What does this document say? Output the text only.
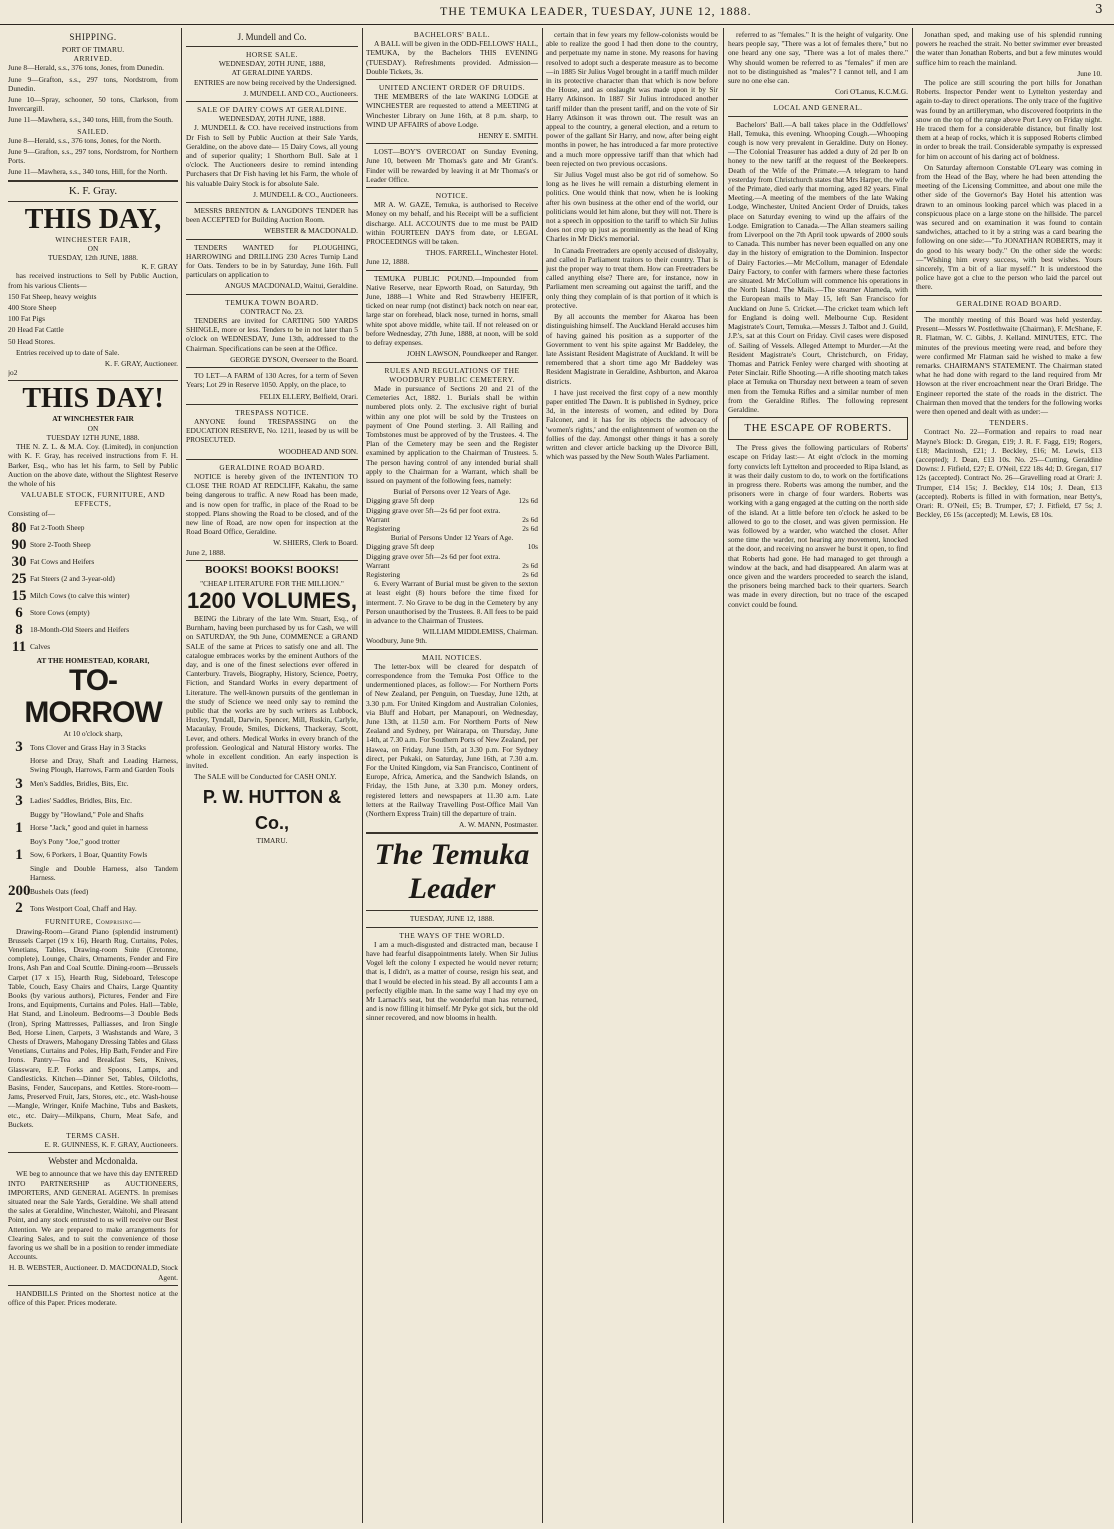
THE TEMUKA LEADER, TUESDAY, JUNE 12, 1888.	3
SHIPPING.
PORT OF TIMARU.
ARRIVED.
June 8—Herald, s.s., 376 tons, Jones, from Dunedin.
June 9—Grafton, s.s., 297 tons, Nordstrom, from Dunedin.
June 10—Spray, schooner, 50 tons, Clarkson, from Invercargill.
June 11—Mawhera, s.s., 340 tons, Hill, from the South.
SAILED.
June 8—Herald, s.s., 376 tons, Jones, for the North.
June 9—Grafton, s.s., 297 tons, Nordstrom, for Northern Ports.
June 11—Mawhera, s.s., 340 tons, Hill, for the North.
K. F. Gray.
THIS DAY,
WINCHESTER FAIR,
ON
TUESDAY, 12th JUNE, 1888.
K. F. GRAY
has received instructions to Sell by Public Auction, from his various Clients—
150 Fat Sheep, heavy weights
400 Store Sheep
100 Fat Pigs
20 Head Fat Cattle
50 Head Stores.
Entries received up to date of Sale.
K. F. GRAY, Auctioneer.
jo2
THIS DAY!
AT WINCHESTER FAIR
ON
TUESDAY 12TH JUNE, 1888.
THE N. Z. L. & M.A. Coy. (Limited), in conjunction with K. F. Gray, has received instructions from F. H. Barker, Esq., who has let his farm, to Sell by Public Auction on the above date, without the Slightest Reserve the whole of his
VALUABLE STOCK, FURNITURE, AND EFFECTS,
Consisting of—
80 Fat 2-Tooth Sheep
90 Store 2-Tooth Sheep
30 Fat Cows and Heifers
25 Fat Steers (2 and 3-year-old)
15 Milch Cows (to calve this winter)
6 Store Cows (empty)
8 18-Month-Old Steers and Heifers
11 Calves
AT THE HOMESTEAD, KORARI,
TO-MORROW
At 10 o'clock sharp,
3 Tons Clover and Grass Hay in 3 Stacks
Horse and Dray, Shaft and Leading Harness, Swing Plough, Harrows, Farm and Garden Tools
3 Men's Saddles, Bridles, Bits, Etc.
3 Ladies' Saddles, Bridles, Bits, Etc.
Buggy by "Howland," Pole and Shafts
1 Horse "Jack," good and quiet in harness
Boy's Pony "Joe," good trotter
1 Sow, 6 Porkers, 1 Boar, Quantity Fowls
Single and Double Harness, also Tandem Harness.
200 Bushels Oats (feed)
2 Tons Westport Coal, Chaff and Hay.
FURNITURE, Comprising—
Drawing-Room—Grand Piano (splendid instrument) Brussels Carpet (19 x 16), Hearth Rug, Curtains, Poles, Venetians, Tables, Drawing-room Suite (Cretonne, complete), Lounge, Chairs, Ornaments, Fender and Fire Irons, Ash Pan and Coal Scuttle. Dining-room—Brussels Carpet (17 x 15), Hearth Rug, Sideboard, Telescope Table, Couch, Easy Chairs and Chairs, Large Quantity Books (by various authors), Pictures, Fender and Fire Irons, and Equipments, Curtains and Poles. Hall—Table, Hat Stand, and Linoleum. Bedrooms—3 Double Beds (Iron), Spring Mattresses, Palliasses, and Iron Single Bed, Horse Linen, Carpets, 3 Washstands and Ware, 3 Chests of Drawers, Mahogany Dressing Tables and Glass Venetians, Curtains and Poles, Hip Bath, Fender and Fire Irons. Pantry—Tea and Breakfast Sets, Knives, Glassware, E.P. Forks and Spoons, Lamps, and Candlesticks. Kitchen—Dinner Set, Tables, Oilcloths, Basins, Fender, Saucepans, and Kettles. Store-room—Jams, Preserved Fruit, Jars, Stores, etc., etc. Wash-house—Mangle, Wringer, Knife Machine, Tubs and Baskets, etc., etc. Dairy—Milkpans, Churn, Meat Safe, and Buckets.
TERMS CASH.
E. R. GUINNESS, K. F. GRAY, Auctioneers.
Webster and Mcdonalda.
WE beg to announce that we have this day ENTERED INTO PARTNERSHIP as AUCTIONEERS, IMPORTERS, AND GENERAL AGENTS. In premises situated near the Sale Yards, Geraldine. We shall attend the sales at Geraldine, Winchester, Waitohi, and Pleasant Point, and any stock entrusted to us will receive our Best Attention. We are prepared to make arrangements for Clearing Sales, and to suit the convenience of those favoring us we shall be in a position to render immediate Accounts.
H. B. WEBSTER, Auctioneer. D. MACDONALD, Stock Agent.
HANDBILLS Printed on the Shortest notice at the office of this Paper. Prices moderate.
J. Mundell and Co.
HORSE SALE.
WEDNESDAY, 20TH JUNE, 1888,
AT GERALDINE YARDS.
ENTRIES are now being received by the Undersigned.
J. MUNDELL AND CO., Auctioneers.
SALE OF DAIRY COWS AT GERALDINE.
WEDNESDAY, 20TH JUNE, 1888.
J. MUNDELL & CO. have received instructions from Dr Fish to Sell by Public Auction at their Sale Yards, Geraldine, on the above date— 15 Dairy Cows, all young and of superior quality; 1 Shorthorn Bull. Sale at 1 o'clock. The Auctioneers desire to remind intending Purchasers that Dr Fish having let his Farm, the whole of his valuable Dairy Stock is for absolute Sale.
J. MUNDELL & CO., Auctioneers.
MESSRS BRENTON & LANGDON'S TENDER has been ACCEPTED for Building Auction Room.
WEBSTER & MACDONALD.
TENDERS WANTED for PLOUGHING, HARROWING and DRILLING 230 Acres Turnip Land for Oats. Tenders to be in by Saturday, June 16th. Full particulars on application to
ANGUS MACDONALD, Waitui, Geraldine.
TEMUKA TOWN BOARD.
CONTRACT No. 23.
TENDERS are invited for CARTING 500 YARDS SHINGLE, more or less. Tenders to be in not later than 5 o'clock on WEDNESDAY, June 13th, addressed to the Chairman. Specifications can be seen at the Office.
GEORGE DYSON, Overseer to the Board.
TO LET—A FARM of 130 Acres, for a term of Seven Years; Lot 29 in Reserve 1050. Apply, on the place, to
FELIX ELLERY, Belfield, Orari.
TRESPASS NOTICE.
ANYONE found TRESPASSING on the EDUCATION RESERVE, No. 1211, leased by us will be PROSECUTED.
WOODHEAD AND SON.
GERALDINE ROAD BOARD.
NOTICE is hereby given of the INTENTION TO CLOSE THE ROAD AT REDCLIFF, Kakahu, the same being dangerous to traffic. A new Road has been made, and is now open for traffic, in place of the Road to be stopped. Plans showing the Road to be closed, and of the new line of Road, are now open for inspection at the Road Board Office, Geraldine.
W. SHIERS, Clerk to Board.
June 2, 1888.
BOOKS! BOOKS! BOOKS!
"CHEAP LITERATURE FOR THE MILLION."
1200 VOLUMES,
BEING the Library of the late Wm. Stuart, Esq., of Burnham, having been purchased by us for Cash, we will on SATURDAY, the 9th June, COMMENCE a GRAND SALE of the same at Prices to satisfy one and all. The catalogue embraces works by the eminent Authors of the day, and is one of the finest selections ever offered in Canterbury. Travels, Biography, History, Science, Poetry, Fiction, and Standard Works in every department of Literature. The well-known pursuits of the gentleman in the study of Science we need only say to remind the public that the works are by such writers as Lubbock, Huxley, Tyndall, Darwin, Spencer, Mill, Ruskin, Carlyle, Macaulay, Froude, Smiles, Dickens, Thackeray, Scott, Lever, and others. Medical Works in every branch of the profession. Geological and Natural History works. The whole in excellent condition. An early inspection is invited.
The SALE will be Conducted for CASH ONLY.
P. W. HUTTON & Co.,
TIMARU.
BACHELORS' BALL.
A BALL will be given in the ODD-FELLOWS' HALL, TEMUKA, by the Bachelors THIS EVENING (TUESDAY). Refreshments provided. Admission—Double Tickets, 3s.
UNITED ANCIENT ORDER OF DRUIDS.
THE MEMBERS of the late WAKING LODGE at WINCHESTER are requested to attend a MEETING at Winchester Library on June 16th, at 8 p.m. sharp, to WIND UP AFFAIRS of above Lodge.
HENRY E. SMITH.
LOST—BOY'S OVERCOAT on Sunday Evening, June 10, between Mr Thomas's gate and Mr Grant's. Finder will be rewarded by leaving it at Mr Thomas's or Leader Office.
NOTICE.
MR A. W. GAZE, Temuka, is authorised to Receive Money on my behalf, and his Receipt will be a sufficient discharge. ALL ACCOUNTS due to me must be PAID within FOURTEEN DAYS from date, or LEGAL PROCEEDINGS will be taken.
THOS. FARRELL, Winchester Hotel.
June 12, 1888.
TEMUKA PUBLIC POUND.—Impounded from Native Reserve, near Epworth Road, on Saturday, 9th June, 1888—1 White and Red Strawberry HEIFER, ticked on near rump (not distinct) back notch on near ear, large star on forehead, black nose, turned in horns, small white spot above middle, white tail. If not released on or before Wednesday, 27th June, 1888, at noon, will be sold to defray expenses.
JOHN LAWSON, Poundkeeper and Ranger.
RULES AND REGULATIONS OF THE WOODBURY PUBLIC CEMETERY.
Made in pursuance of Sections 20 and 21 of the Cemeteries Act, 1882. 1. Burials shall be within numbered plots only. 2. The exclusive right of burial within any one plot will be sold by the Trustees on payment of One Pound sterling. 3. All Railing and Tombstones must be approved of by the Trustees. 4. The Plan of the Cemetery may be seen and the Register examined by application to the Chairman of Trustees. 5. The person having control of any intended burial shall apply to the Chairman for a Warrant, which shall be issued on payment of the following fees, namely:
Burial of Persons over 12 Years of Age.
Digging grave 5ft deep	12s 6d
Digging grave over 5ft—2s 6d per foot extra.
Warrant	2s 6d
Registering	2s 6d
Burial of Persons Under 12 Years of Age.
Digging grave 5ft deep	10s
Digging grave over 5ft—2s 6d per foot extra.
Warrant	2s 6d
Registering	2s 6d
6. Every Warrant of Burial must be given to the sexton at least eight (8) hours before the time fixed for interment. 7. No Grave to be dug in the Cemetery by any Person unauthorised by the Trustees. 8. All fees to be paid in advance to the Chairman of Trustees.
WILLIAM MIDDLEMISS, Chairman.
Woodbury, June 9th.
MAIL NOTICES.
The letter-box will be cleared for despatch of correspondence from the Temuka Post Office to the undermentioned places, as follow:— For Northern Ports of New Zealand, per Penguin, on Tuesday, June 12th, at 3.30 p.m. For United Kingdom and Australian Colonies, via Bluff and Hobart, per Manapouri, on Wednesday, June 13th, at 11.50 a.m. For Northern Ports of New Zealand and Sydney, per Wairarapa, on Thursday, June 14th, at 7.30 a.m. For Southern Ports of New Zealand, per Hawea, on Friday, June 15th, at 3.30 p.m. For Sydney direct, per Pukaki, on Saturday, June 16th, at 7.30 a.m. For the United Kingdom, via San Francisco, Continent of Europe, Africa, America, and the Sandwich Islands, on Friday, the 15th June, at 3.30 p.m. Money orders, registered letters and newspapers at 11.30 a.m. Late letters at the Railway Travelling Post-Office Mail Van (Northern Express Train) till the departure of train.
A. W. MANN, Postmaster.
The Temuka Leader
TUESDAY, JUNE 12, 1888.
THE WAYS OF THE WORLD.
I am a much-disgusted and distracted man, because I have had fearful disappointments lately. When Sir Julius Vogel left the colony I expected he would never return; that is, I didn't, as a matter of course, resign his seat, and that I would be elected in his stead. By all accounts I am a perfectly eligible man. In the same way I had my eye on Mr Larnach's seat, but the wonderful man has returned, and is now filling it himself. Mr Pyke got sick, but the old sinner recovered, and now blooms in health.
certain that in few years my fellow-colonists would be able to realize the good I had then done to the country, and perpetuate my name in stone. My reasons for having resolved to adopt such a desperate measure as to become—in 1885 Sir Julius Vogel brought in a tariff much milder in its protective character than that which is now before the House, and as onslaught was made upon it by Sir Harry Atkinson. In 1887 Sir Julius introduced another tariff milder than the present tariff, and on the vote of Sir Harry Atkinson it was thrown out. The result was an appeal to the country, a general election, and a return to power of the gallant Sir Harry, and now, after being eight months in power, he has introduced a far more protective and a much more oppressive tariff than that which had been rejected on two previous occasions.
Sir Julius Vogel must also be got rid of somehow. So long as he lives he will remain a disturbing element in politics. One would think that now, when he is looking after his own business at the other end of the world, our politicians would let him alone, but they will not. There is not a speech in opposition to the tariff to which Sir Julius does not crop up just as prominently as the head of King Charles in Mr Dick's memorial.
In Canada Freetraders are openly accused of disloyalty, and called in Parliament traitors to their country. That is just the proper way to treat them. How can Freetraders be called anything else? There are, for instance, now in Parliament men screaming out against the tariff, and the only thing they complain of is that portion of it which is protective.
By all accounts the member for Akaroa has been distinguishing himself. The Auckland Herald accuses him of having gained his position as a supporter of the Government to vent his spite against Mr Baddeley, the late Assistant Resident Magistrate of Auckland. It will be remembered that a short time ago Mr Baddeley was Resident Magistrate in Geraldine, Ashburton, and Akaroa districts.
I have just received the first copy of a new monthly paper entitled The Dawn. It is published in Sydney, price 3d, in the interests of women, and edited by Dora Falconer, and it has for its objects the advocacy of 'women's rights,' and the enlightenment of women on the follies of the day. Amongst other things it has a sorely written and clever article backing up the Divorce Bill, which was passed by the New South Wales Parliament.
referred to as "females." It is the height of vulgarity. One hears people say, "There was a lot of females there," but no one heard any one say, "There was a lot of males there." Why should women be referred to as "females" if men are not to be distinguished as "males"? I cannot tell, and I am sure no one else can.
Cori O'Lanus, K.C.M.G.
LOCAL AND GENERAL.
Bachelors' Ball.—A ball takes place in the Oddfellows' Hall, Temuka, this evening. Whooping Cough.—Whooping cough is now very prevalent in Geraldine. Duty on Honey.—The Colonial Treasurer has added a duty of 2d per lb on honey to the new tariff at the request of the Beekeepers. Death of the Wife of the Primate.—A telegram to hand yesterday from Christchurch states that Mrs Harper, the wife of the Primate, died early that morning, aged 82 years. Final Meeting.—A meeting of the members of the late Waking Lodge, Winchester, United Ancient Order of Druids, takes place on Saturday evening to wind up the affairs of the Lodge. Emigration to Canada.—The Allan steamers sailing from Liverpool on the 7th April took upwards of 2000 souls to Canada. This number has never been equalled on any one day in the history of emigration to the Dominion. Inspector of Dairy Factories.—Mr McCollum, manager of Edendale Dairy Factory, to confer with farmers where these factories are situated. Mr McCollum will commence his operations in the North Island. The Mails.—The steamer Alameda, with the European mails to May 15, left San Francisco for Auckland on June 5. Cricket.—The cricket team which left for England is doing well. Melbourne Cup. Resident Magistrate's Court, Temuka.—Messrs J. Talbot and J. Guild, J.P.'s, sat at this Court on Friday. Civil cases were disposed of. Sailing of Vessels. Alleged Attempt to Murder.—At the Resident Magistrate's Court, Christchurch, on Friday, Thomas and Patrick Fenley were charged with shooting at Peter Sinclair. Rifle Shooting.—A rifle shooting match takes place at Temuka on Thursday next between a team of seven men from the Temuka Rifles and a similar number of men from the Geraldine Rifles. The following represent Geraldine.
THE ESCAPE OF ROBERTS.
The Press gives the following particulars of Roberts' escape on Friday last:— At eight o'clock in the morning forty convicts left Lyttelton and proceeded to Ripa Island, as it was their daily custom to do, to work on the fortifications in progress there. Roberts was among the number, and the prisoners were in charge of four warders. Roberts was working with a gang engaged at the cutting on the north side of the island. At a little before ten o'clock he asked to be allowed to go to the closet, and was given permission. He was followed by a warder, who watched the closet. After some time the warder, not hearing any movement, knocked at the door, and receiving no answer he burst it open, to find that Roberts had gone. He had managed to get through a window at the back, and had disappeared. An alarm was at once given and the warders proceeded to search the island, the prisoners being marched back to their quarters. Search was made in every direction, but no trace of the escaped convict could be found.
Jonathan sped, and making use of his splendid running powers he reached the strait. No better swimmer ever breasted the water than Jonathan Roberts, and but a few minutes would suffice him to reach the mainland.
June 10.
The police are still scouring the port hills for Jonathan Roberts. Inspector Pender went to Lyttelton yesterday and again to-day to direct operations. The only trace of the fugitive was found by an artilleryman, who discovered footprints in the snow on the top of the range above Port Levy on Friday night. He traced them for a considerable distance, but finally lost them at a heap of rocks, which it is supposed Roberts climbed in order to break the trail. Considerable sympathy is expressed for him on account of his daring act of boldness.
On Saturday afternoon Constable O'Leary was coming in from the Head of the Bay, where he had been attending the meeting of the Licensing Committee, and about one mile the other side of the Governor's Bay Hotel his attention was drawn to an ominous looking parcel which was placed in a conspicuous place on a large stone on the hillside. The parcel was secured and on examination it was found to contain sandwiches, attached to it by a string was a card bearing the following on one side:—"To JONATHAN ROBERTS, may it do good to his weary body." On the other side the words:—"Wishing him every success, with best wishes. Yours sincerely, 'I'm a bit of a liar myself.'" It is understood the police have got a clue to the person who laid the parcel out there.
GERALDINE ROAD BOARD.
The monthly meeting of this Board was held yesterday. Present—Messrs W. Postlethwaite (Chairman), F. McShane, F. R. Flatman, W. C. Gibbs, J. Kelland. MINUTES, ETC. The minutes of the previous meeting were read, and before they were confirmed Mr Flatman said he wished to make a few remarks. CHAIRMAN'S STATEMENT. The Chairman stated what he had done with regard to the land required from Mr Howson at the river encroachment near the Orari Bridge. The Engineer reported the state of the roads in the district. The Chairman then moved that the tenders for the following works were then opened and dealt with as under:—
TENDERS.
Contract No. 22—Formation and repairs to road near Mayne's Block: D. Gregan, £19; J. R. F. Fagg, £19; Rogers, £18; Macintosh, £21; J. Beckley, £16; M. Lewis, £13 (accepted); J. Dean, £13 10s. No. 25—Cutting, Geraldine Downs: J. Fitfield, £27; E. O'Neil, £22 18s 4d; D. Gregan, £17 12s (accepted). Contract No. 26—Gravelling road at Orari: J. Trumper, £14 15s; J. Beckley, £14 10s; J. Dean, £13 (accepted). Roberts is filled in with formation, near Betty's, Orari: R. O'Neil, £5; B. Trumper, £7; J. Fitfield, £7 5s; J. Beckley, £6 15s (accepted); M. Lewis, £8 10s.
